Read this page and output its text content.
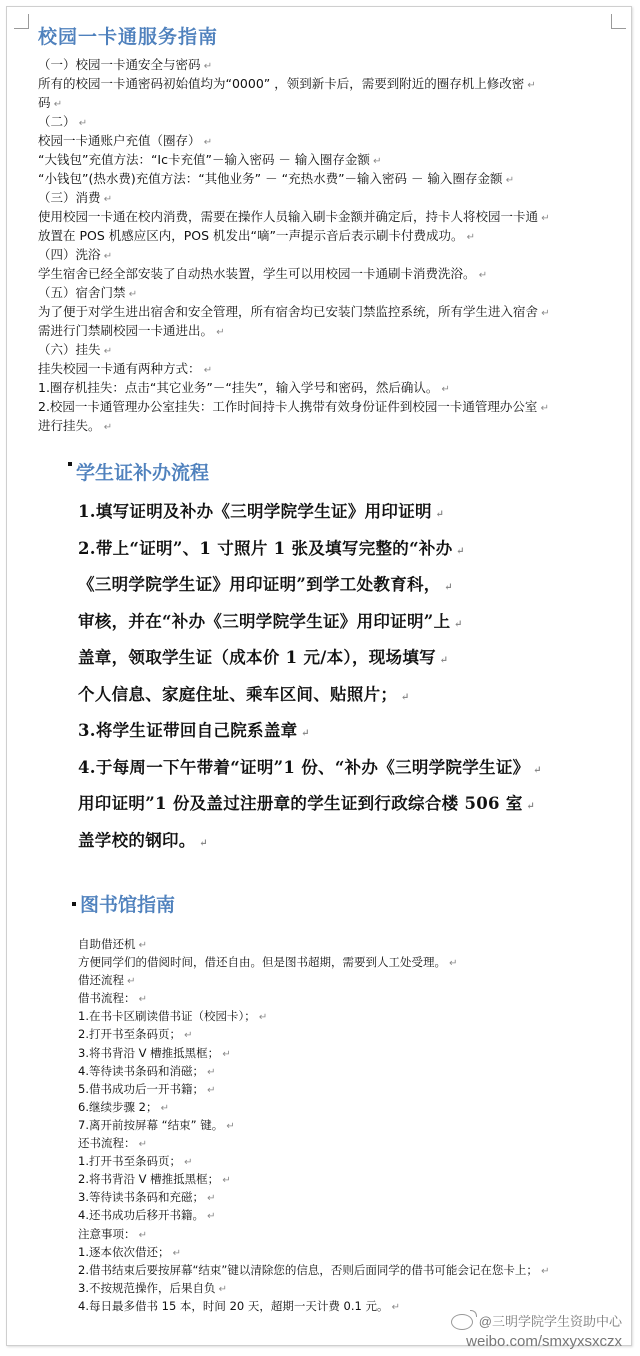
校园一卡通服务指南
（一）校园一卡通安全与密码 ↵
所有的校园一卡通密码初始值均为“0000” ，领到新卡后，需要到附近的圈存机上修改密 ↵
码 ↵
（二） ↵
校园一卡通账户充值（圈存） ↵
“大钱包”充值方法：“Ic卡充值”－输入密码 － 输入圈存金额 ↵
“小钱包”(热水费)充值方法：“其他业务” － “充热水费”－输入密码 － 输入圈存金额 ↵
（三）消费 ↵
使用校园一卡通在校内消费，需要在操作人员输入刷卡金额并确定后，持卡人将校园一卡通 ↵
放置在 POS 机感应区内，POS 机发出“嘀”一声提示音后表示刷卡付费成功。 ↵
（四）洗浴 ↵
学生宿舍已经全部安装了自动热水装置，学生可以用校园一卡通刷卡消费洗浴。 ↵
（五）宿舍门禁 ↵
为了便于对学生进出宿舍和安全管理，所有宿舍均已安装门禁监控系统，所有学生进入宿舍 ↵
需进行门禁刷校园一卡通进出。 ↵
（六）挂失 ↵
挂失校园一卡通有两种方式： ↵
1.圈存机挂失：点击“其它业务”－“挂失”，输入学号和密码，然后确认。 ↵
2.校园一卡通管理办公室挂失：工作时间持卡人携带有效身份证件到校园一卡通管理办公室 ↵
进行挂失。 ↵
学生证补办流程
1.填写证明及补办《三明学院学生证》用印证明 ↵
2.带上“证明”、1 寸照片 1 张及填写完整的“补办 ↵
《三明学院学生证》用印证明”到学工处教育科， ↵
审核，并在“补办《三明学院学生证》用印证明”上 ↵
盖章，领取学生证（成本价 1 元/本），现场填写 ↵
个人信息、家庭住址、乘车区间、贴照片； ↵
3.将学生证带回自己院系盖章 ↵
4.于每周一下午带着“证明”1 份、“补办《三明学院学生证》 ↵
用印证明”1 份及盖过注册章的学生证到行政综合楼 506 室 ↵
盖学校的钢印。 ↵
图书馆指南
自助借还机 ↵
方便同学们的借阅时间，借还自由。但是图书超期，需要到人工处受理。 ↵
借还流程 ↵
借书流程： ↵
1.在书卡区刷读借书证（校园卡）； ↵
2.打开书至条码页； ↵
3.将书背沿 V 槽推抵黑框； ↵
4.等待读书条码和消磁； ↵
5.借书成功后一开书籍； ↵
6.继续步骤 2； ↵
7.离开前按屏幕 “结束” 键。 ↵
还书流程： ↵
1.打开书至条码页； ↵
2.将书背沿 V 槽推抵黑框； ↵
3.等待读书条码和充磁； ↵
4.还书成功后移开书籍。 ↵
注意事项： ↵
1.逐本依次借还； ↵
2.借书结束后要按屏幕“结束”键以清除您的信息，否则后面同学的借书可能会记在您卡上； ↵
3.不按规范操作，后果自负 ↵
4.每日最多借书 15 本，时间 20 天，超期一天计费 0.1 元。 ↵
@三明学院学生资助中心
weibo.com/smxyxsxczx
